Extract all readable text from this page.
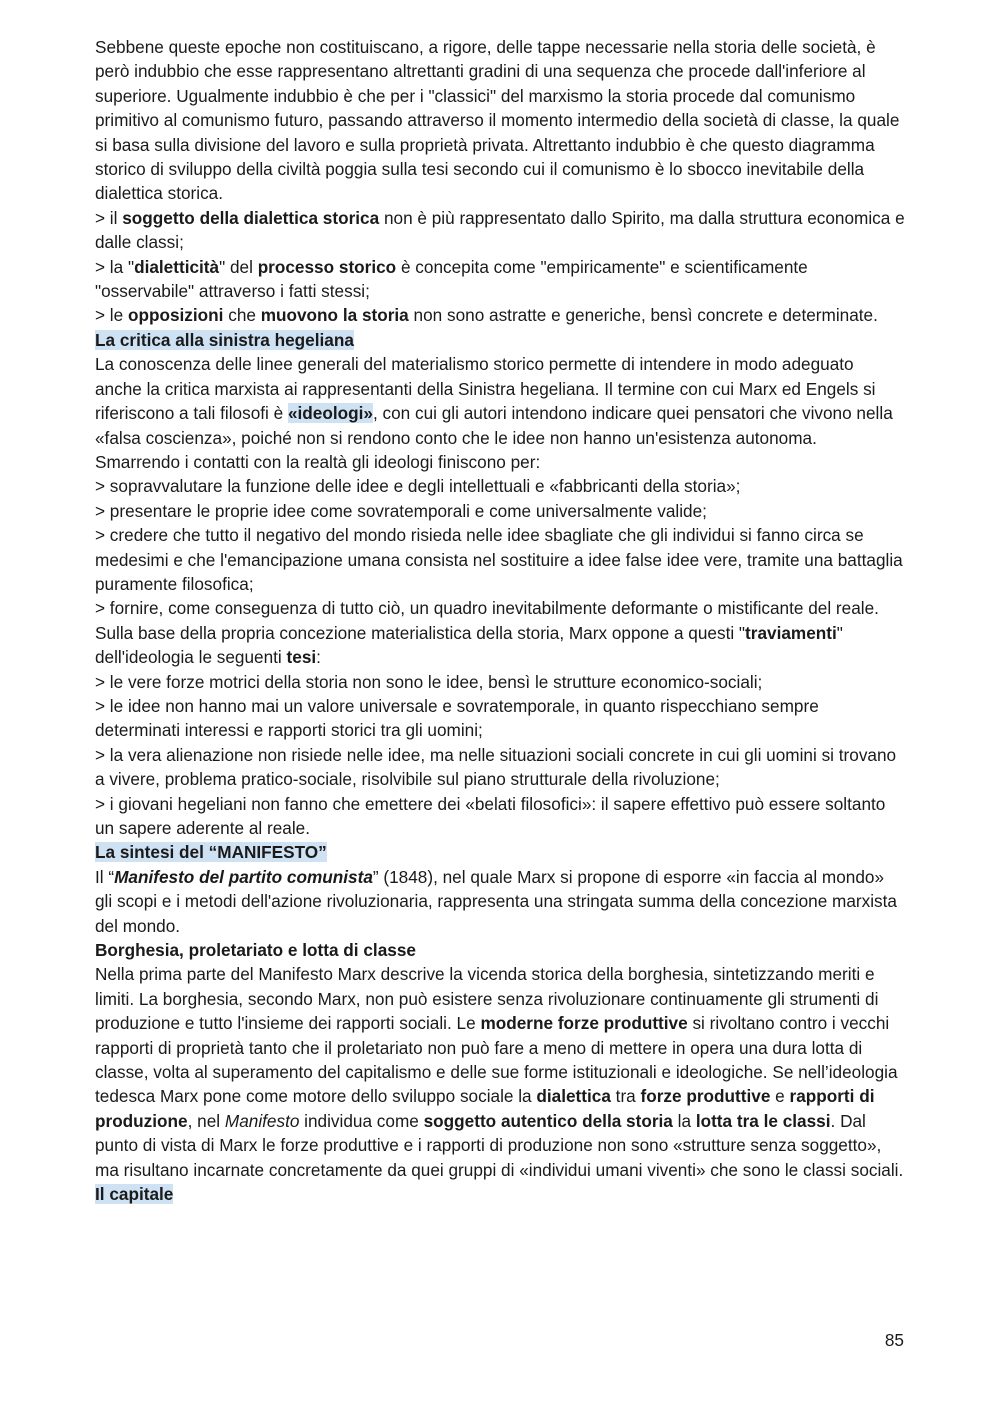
Sebbene queste epoche non costituiscano, a rigore, delle tappe necessarie nella storia delle società, è però indubbio che esse rappresentano altrettanti gradini di una sequenza che procede dall'inferiore al superiore. Ugualmente indubbio è che per i "classici" del marxismo la storia procede dal comunismo primitivo al comunismo futuro, passando attraverso il momento intermedio della società di classe, la quale si basa sulla divisione del lavoro e sulla proprietà privata. Altrettanto indubbio è che questo diagramma storico di sviluppo della civiltà poggia sulla tesi secondo cui il comunismo è lo sbocco inevitabile della dialettica storica.

> il soggetto della dialettica storica non è più rappresentato dallo Spirito, ma dalla struttura economica e dalle classi;

> la "dialetticità" del processo storico è concepita come "empiricamente" e scientificamente "osservabile" attraverso i fatti stessi;

> le opposizioni che muovono la storia non sono astratte e generiche, bensì concrete e determinate.

La critica alla sinistra hegeliana

La conoscenza delle linee generali del materialismo storico permette di intendere in modo adeguato anche la critica marxista ai rappresentanti della Sinistra hegeliana. Il termine con cui Marx ed Engels si riferiscono a tali filosofi è «ideologi», con cui gli autori intendono indicare quei pensatori che vivono nella «falsa coscienza», poiché non si rendono conto che le idee non hanno un'esistenza autonoma. Smarrendo i contatti con la realtà gli ideologi finiscono per:

> sopravvalutare la funzione delle idee e degli intellettuali e «fabbricanti della storia»;

> presentare le proprie idee come sovratemporali e come universalmente valide;

> credere che tutto il negativo del mondo risieda nelle idee sbagliate che gli individui si fanno circa se medesimi e che l'emancipazione umana consista nel sostituire a idee false idee vere, tramite una battaglia puramente filosofica;

> fornire, come conseguenza di tutto ciò, un quadro inevitabilmente deformante o mistificante del reale.

Sulla base della propria concezione materialistica della storia, Marx oppone a questi "traviamenti" dell'ideologia le seguenti tesi:

> le vere forze motrici della storia non sono le idee, bensì le strutture economico-sociali;

> le idee non hanno mai un valore universale e sovratemporale, in quanto rispecchiano sempre determinati interessi e rapporti storici tra gli uomini;

> la vera alienazione non risiede nelle idee, ma nelle situazioni sociali concrete in cui gli uomini si trovano a vivere, problema pratico-sociale, risolvibile sul piano strutturale della rivoluzione;

> i giovani hegeliani non fanno che emettere dei «belati filosofici»: il sapere effettivo può essere soltanto un sapere aderente al reale.

La sintesi del “MANIFESTO”

Il “Manifesto del partito comunista” (1848), nel quale Marx si propone di esporre «in faccia al mondo» gli scopi e i metodi dell'azione rivoluzionaria, rappresenta una stringata summa della concezione marxista del mondo.

Borghesia, proletariato e lotta di classe

Nella prima parte del Manifesto Marx descrive la vicenda storica della borghesia, sintetizzando meriti e limiti. La borghesia, secondo Marx, non può esistere senza rivoluzionare continuamente gli strumenti di produzione e tutto l'insieme dei rapporti sociali. Le moderne forze produttive si rivoltano contro i vecchi rapporti di proprietà tanto che il proletariato non può fare a meno di mettere in opera una dura lotta di classe, volta al superamento del capitalismo e delle sue forme istituzionali e ideologiche. Se nell’ideologia tedesca Marx pone come motore dello sviluppo sociale la dialettica tra forze produttive e rapporti di produzione, nel Manifesto individua come soggetto autentico della storia la lotta tra le classi. Dal punto di vista di Marx le forze produttive e i rapporti di produzione non sono «strutture senza soggetto», ma risultano incarnate concretamente da quei gruppi di «individui umani viventi» che sono le classi sociali.

Il capitale

85
